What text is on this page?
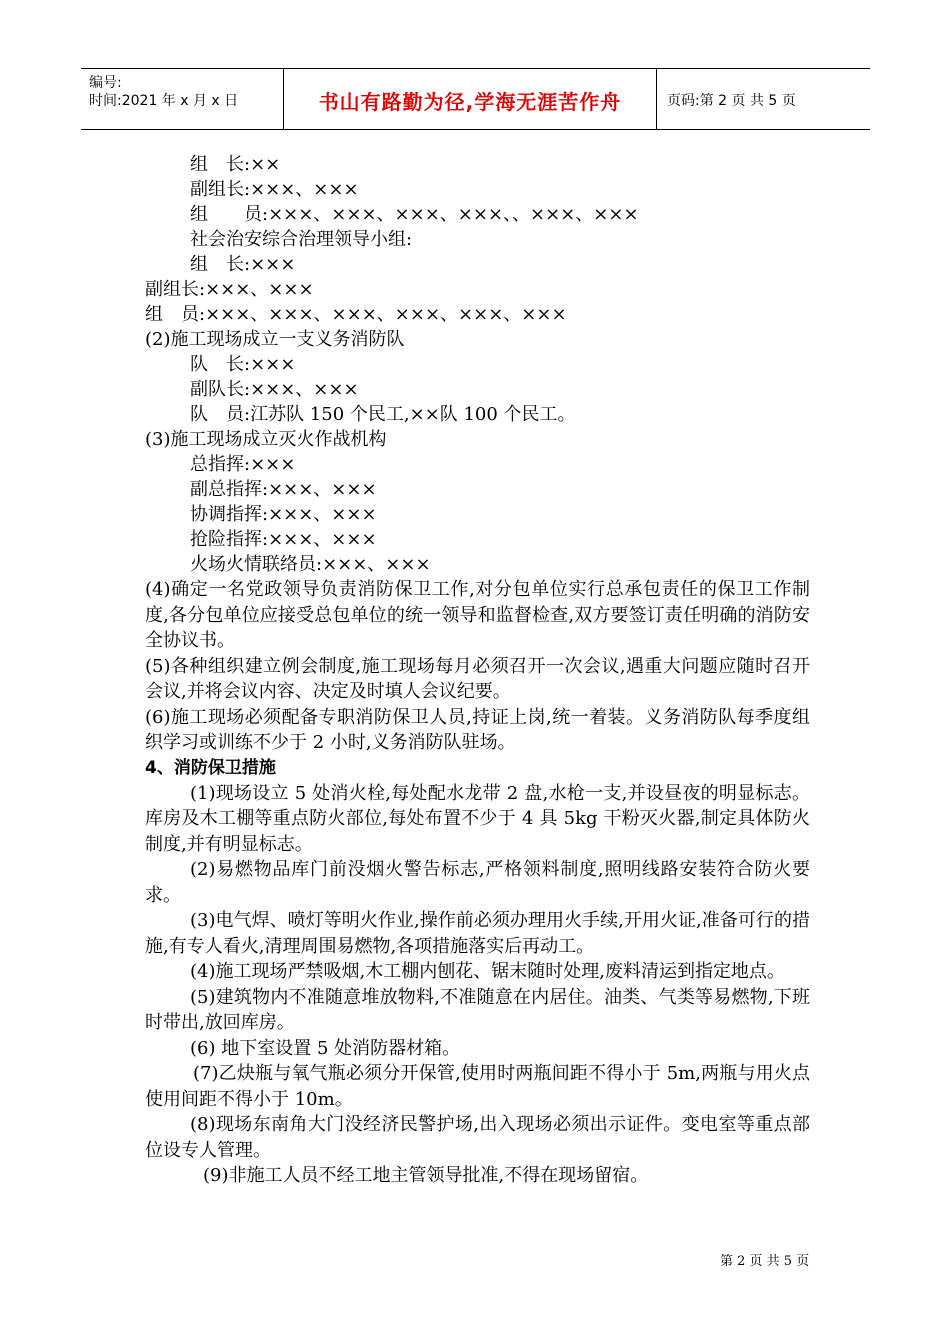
编号:
时间:2021 年 x 月 x 日	书山有路勤为径,学海无涯苦作舟	页码:第 2 页 共 5 页
组　长:××
副组长:×××、×××
组　　员:×××、×××、×××、×××、、×××、×××
社会治安综合治理领导小组:
组　长:×××
副组长:×××、×××
组　员:×××、×××、×××、×××、×××、×××
(2)施工现场成立一支义务消防队
队　长:×××
副队长:×××、×××
队　员:江苏队 150 个民工,××队 100 个民工。
(3)施工现场成立灭火作战机构
总指挥:×××
副总指挥:×××、×××
协调指挥:×××、×××
抢险指挥:×××、×××
火场火情联络员:×××、×××
(4)确定一名党政领导负责消防保卫工作,对分包单位实行总承包责任的保卫工作制度,各分包单位应接受总包单位的统一领导和监督检查,双方要签订责任明确的消防安全协议书。
(5)各种组织建立例会制度,施工现场每月必须召开一次会议,遇重大问题应随时召开会议,并将会议内容、决定及时填人会议纪要。
(6)施工现场必须配备专职消防保卫人员,持证上岗,统一着装。义务消防队每季度组织学习或训练不少于 2 小时,义务消防队驻场。
4、消防保卫措施
(1)现场设立 5 处消火栓,每处配水龙带 2 盘,水枪一支,并设昼夜的明显标志。库房及木工棚等重点防火部位,每处布置不少于 4 具 5kg 干粉灭火器,制定具体防火制度,并有明显标志。
(2)易燃物品库门前没烟火警告标志,严格领料制度,照明线路安装符合防火要求。
(3)电气焊、喷灯等明火作业,操作前必须办理用火手续,开用火证,准备可行的措施,有专人看火,清理周围易燃物,各项措施落实后再动工。
(4)施工现场严禁吸烟,木工棚内刨花、锯末随时处理,废料清运到指定地点。
(5)建筑物内不准随意堆放物料,不准随意在内居住。油类、气类等易燃物,下班时带出,放回库房。
(6) 地下室设置 5 处消防器材箱。
(7)乙炔瓶与氧气瓶必须分开保管,使用时两瓶间距不得小于 5m,两瓶与用火点使用间距不得小于 10m。
(8)现场东南角大门没经济民警护场,出入现场必须出示证件。变电室等重点部位设专人管理。
(9)非施工人员不经工地主管领导批准,不得在现场留宿。
第 2 页 共 5 页
